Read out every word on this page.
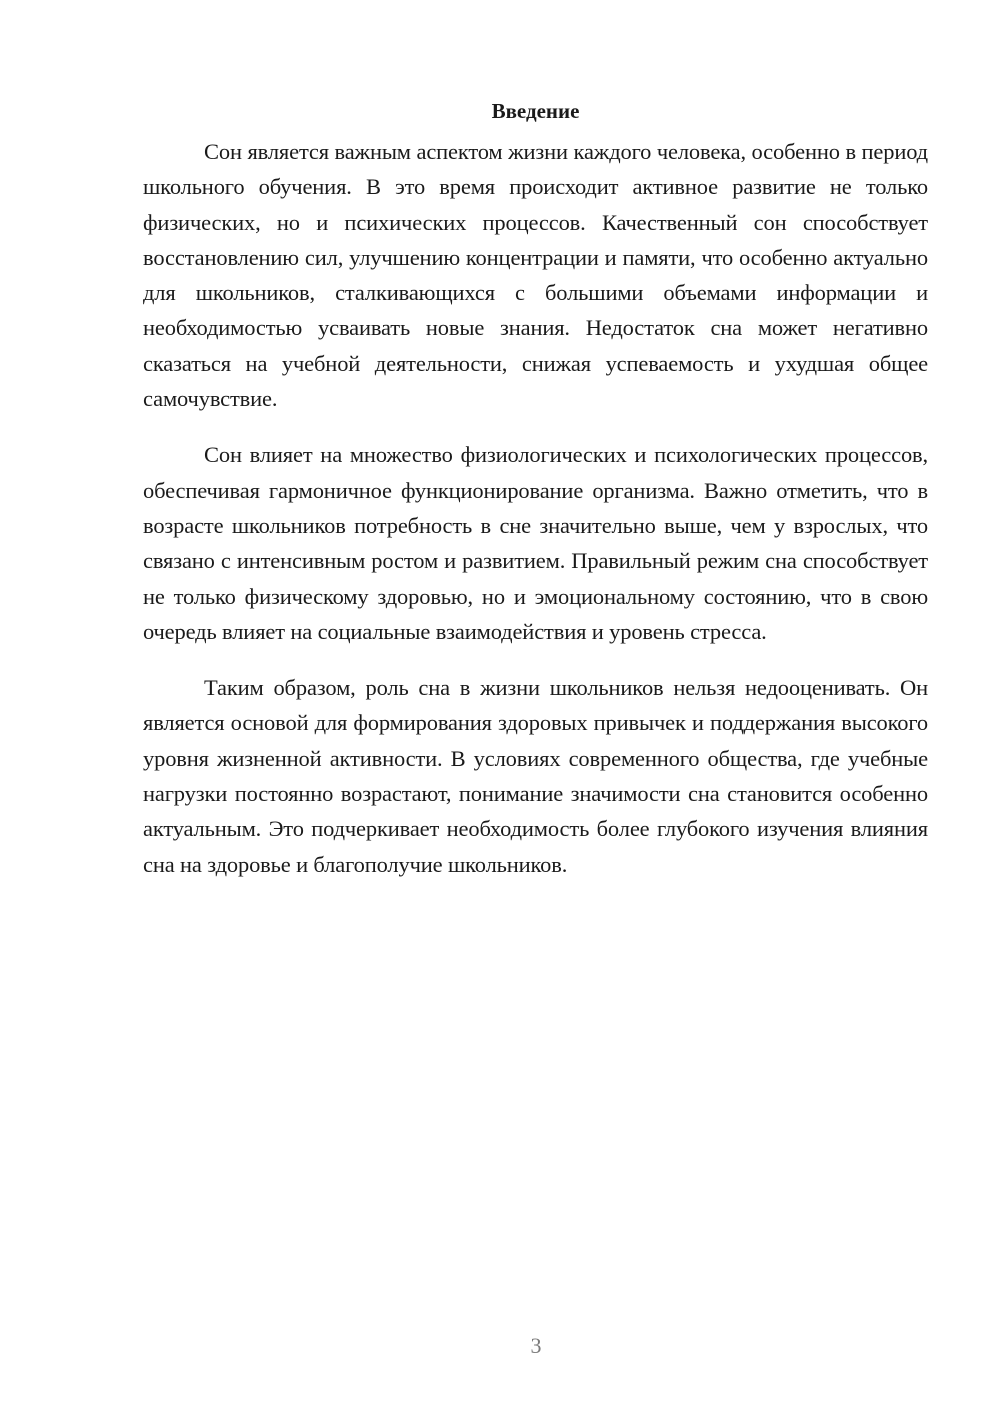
Введение

Сон является важным аспектом жизни каждого человека, особенно в период школьного обучения. В это время происходит активное развитие не только физических, но и психических процессов. Качественный сон способствует восстановлению сил, улучшению концентрации и памяти, что особенно актуально для школьников, сталкивающихся с большими объемами информации и необходимостью усваивать новые знания. Недостаток сна может негативно сказаться на учебной деятельности, снижая успеваемость и ухудшая общее самочувствие.

Сон влияет на множество физиологических и психологических процессов, обеспечивая гармоничное функционирование организма. Важно отметить, что в возрасте школьников потребность в сне значительно выше, чем у взрослых, что связано с интенсивным ростом и развитием. Правильный режим сна способствует не только физическому здоровью, но и эмоциональному состоянию, что в свою очередь влияет на социальные взаимодействия и уровень стресса.

Таким образом, роль сна в жизни школьников нельзя недооценивать. Он является основой для формирования здоровых привычек и поддержания высокого уровня жизненной активности. В условиях современного общества, где учебные нагрузки постоянно возрастают, понимание значимости сна становится особенно актуальным. Это подчеркивает необходимость более глубокого изучения влияния сна на здоровье и благополучие школьников.

3
